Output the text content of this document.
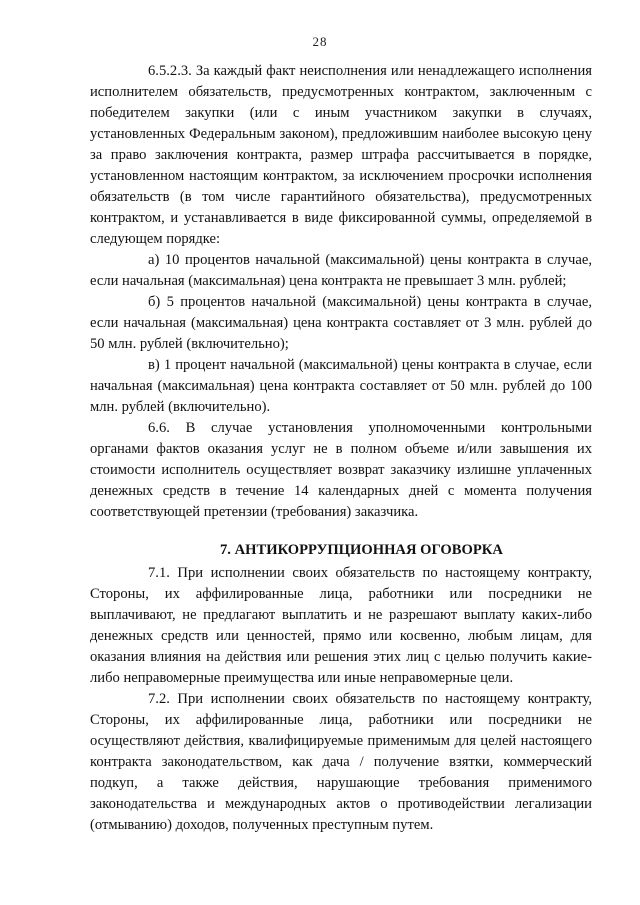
28

6.5.2.3. За каждый факт неисполнения или ненадлежащего исполнения исполнителем обязательств, предусмотренных контрактом, заключенным с победителем закупки (или с иным участником закупки в случаях, установленных Федеральным законом), предложившим наиболее высокую цену за право заключения контракта, размер штрафа рассчитывается в порядке, установленном настоящим контрактом, за исключением просрочки исполнения обязательств (в том числе гарантийного обязательства), предусмотренных контрактом, и устанавливается в виде фиксированной суммы, определяемой в следующем порядке:

а) 10 процентов начальной (максимальной) цены контракта в случае, если начальная (максимальная) цена контракта не превышает 3 млн. рублей;

б) 5 процентов начальной (максимальной) цены контракта в случае, если начальная (максимальная) цена контракта составляет от 3 млн. рублей до 50 млн. рублей (включительно);

в) 1 процент начальной (максимальной) цены контракта в случае, если начальная (максимальная) цена контракта составляет от 50 млн. рублей до 100 млн. рублей (включительно).

6.6. В случае установления уполномоченными контрольными органами фактов оказания услуг не в полном объеме и/или завышения их стоимости исполнитель осуществляет возврат заказчику излишне уплаченных денежных средств в течение 14 календарных дней с момента получения соответствующей претензии (требования) заказчика.

7. АНТИКОРРУПЦИОННАЯ ОГОВОРКА

7.1. При исполнении своих обязательств по настоящему контракту, Стороны, их аффилированные лица, работники или посредники не выплачивают, не предлагают выплатить и не разрешают выплату каких-либо денежных средств или ценностей, прямо или косвенно, любым лицам, для оказания влияния на действия или решения этих лиц с целью получить какие-либо неправомерные преимущества или иные неправомерные цели.

7.2. При исполнении своих обязательств по настоящему контракту, Стороны, их аффилированные лица, работники или посредники не осуществляют действия, квалифицируемые применимым для целей настоящего контракта законодательством, как дача / получение взятки, коммерческий подкуп, а также действия, нарушающие требования применимого законодательства и международных актов о противодействии легализации (отмыванию) доходов, полученных преступным путем.
